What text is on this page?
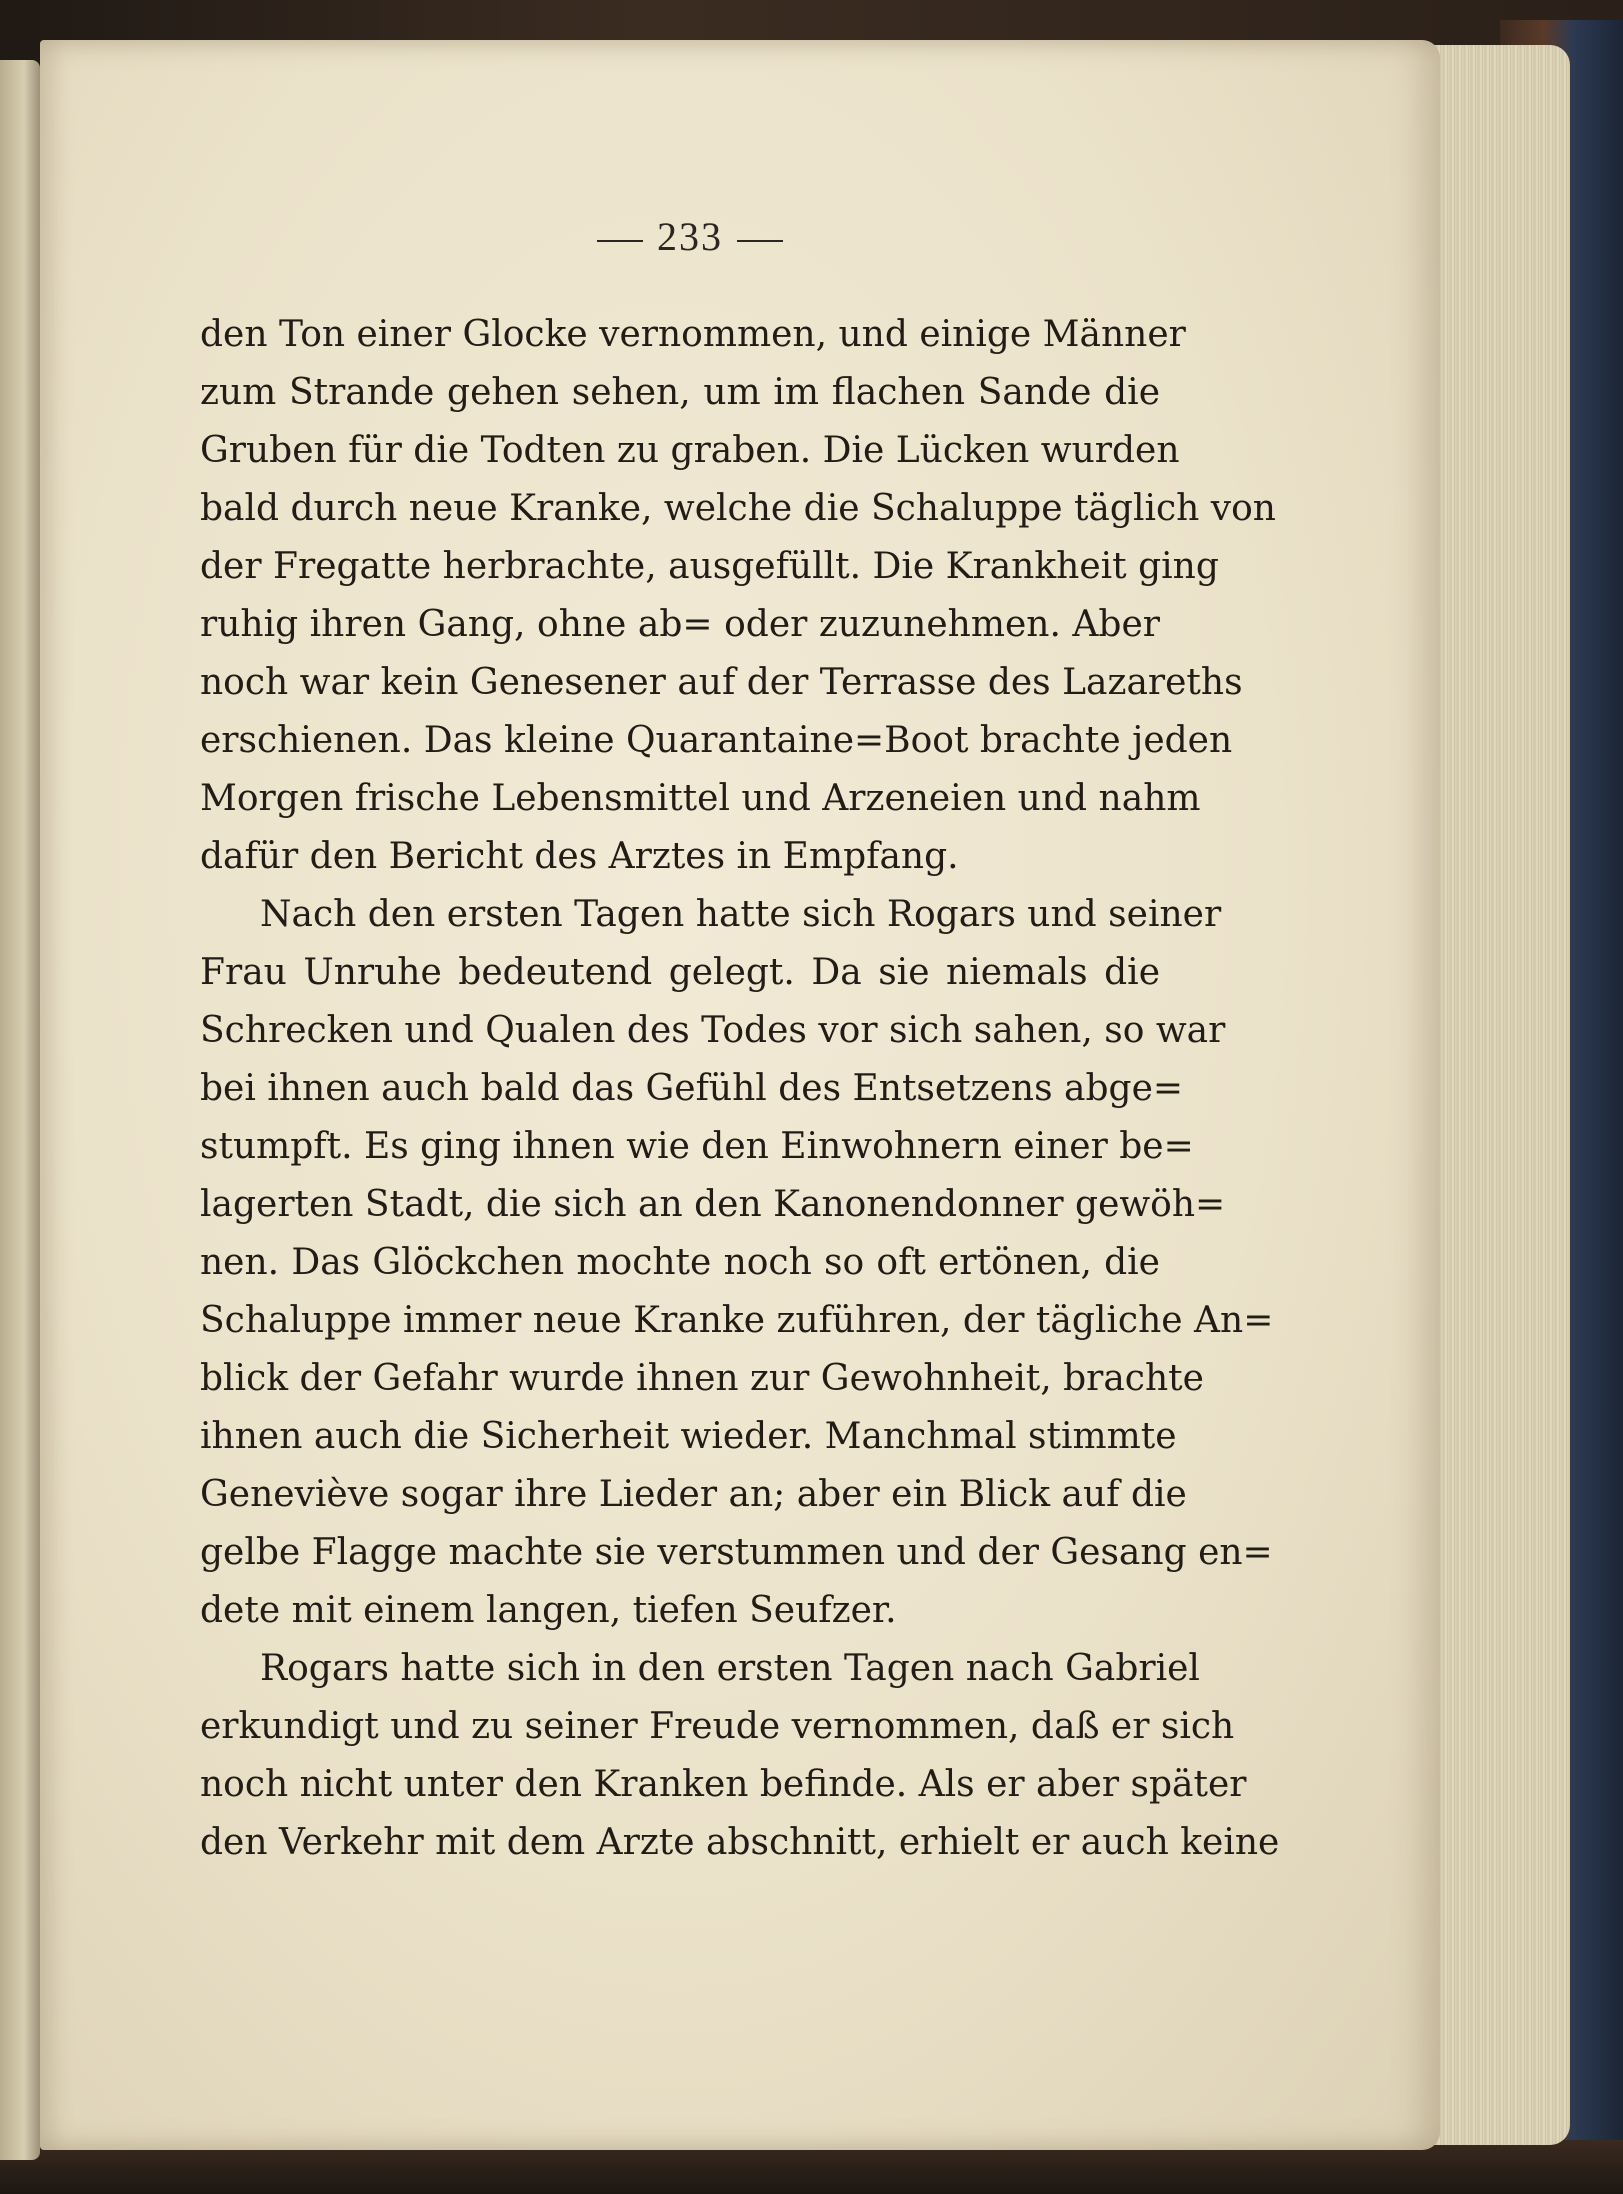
233
den Ton einer Glocke vernommen, und einige Männer
zum Strande gehen sehen, um im flachen Sande die
Gruben für die Todten zu graben. Die Lücken wurden
bald durch neue Kranke, welche die Schaluppe täglich von
der Fregatte herbrachte, ausgefüllt. Die Krankheit ging
ruhig ihren Gang, ohne ab= oder zuzunehmen. Aber
noch war kein Genesener auf der Terrasse des Lazareths
erschienen. Das kleine Quarantaine=Boot brachte jeden
Morgen frische Lebensmittel und Arzeneien und nahm
dafür den Bericht des Arztes in Empfang.
Nach den ersten Tagen hatte sich Rogars und seiner
Frau Unruhe bedeutend gelegt. Da sie niemals die
Schrecken und Qualen des Todes vor sich sahen, so war
bei ihnen auch bald das Gefühl des Entsetzens abge=
stumpft. Es ging ihnen wie den Einwohnern einer be=
lagerten Stadt, die sich an den Kanonendonner gewöh=
nen. Das Glöckchen mochte noch so oft ertönen, die
Schaluppe immer neue Kranke zuführen, der tägliche An=
blick der Gefahr wurde ihnen zur Gewohnheit, brachte
ihnen auch die Sicherheit wieder. Manchmal stimmte
Geneviève sogar ihre Lieder an; aber ein Blick auf die
gelbe Flagge machte sie verstummen und der Gesang en=
dete mit einem langen, tiefen Seufzer.
Rogars hatte sich in den ersten Tagen nach Gabriel
erkundigt und zu seiner Freude vernommen, daß er sich
noch nicht unter den Kranken befinde. Als er aber später
den Verkehr mit dem Arzte abschnitt, erhielt er auch keine
